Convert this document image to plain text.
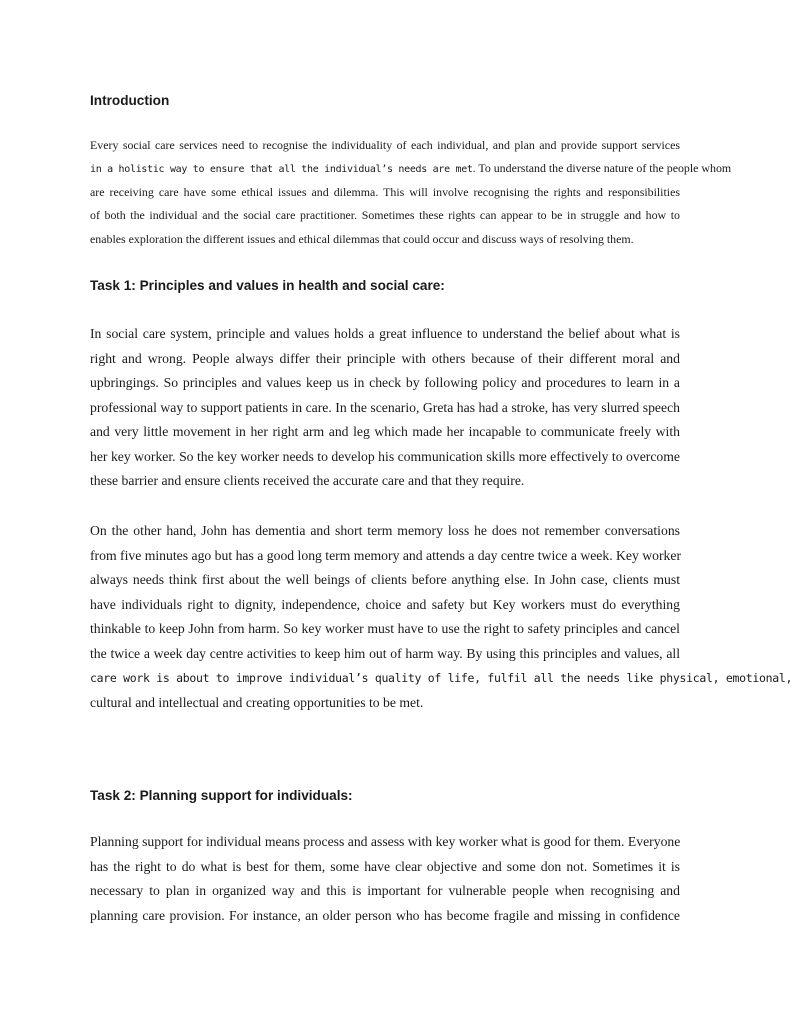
Introduction
Every social care services need to recognise the individuality of each individual, and plan and provide support services
in a holistic way to ensure that all the individual’s needs are met. To understand the diverse nature of the people whom
are receiving care have some ethical issues and dilemma. This will involve recognising the rights and responsibilities
of both the individual and the social care practitioner. Sometimes these rights can appear to be in struggle and how to
enables exploration the different issues and ethical dilemmas that could occur and discuss ways of resolving them.
Task 1: Principles and values in health and social care:
In social care system, principle and values holds a great influence to understand the belief about what is
right and wrong. People always differ their principle with others because of their different moral and
upbringings. So principles and values keep us in check by following policy and procedures to learn in a
professional way to support patients in care. In the scenario, Greta has had a stroke, has very slurred speech
and very little movement in her right arm and leg which made her incapable to communicate freely with
her key worker. So the key worker needs to develop his communication skills more effectively to overcome
these barrier and ensure clients received the accurate care and that they require.
On the other hand, John has dementia and short term memory loss he does not remember conversations
from five minutes ago but has a good long term memory and attends a day centre twice a week. Key worker
always needs think first about the well beings of clients before anything else. In John case, clients must
have individuals right to dignity, independence, choice and safety but Key workers must do everything
thinkable to keep John from harm. So key worker must have to use the right to safety principles and cancel
the twice a week day centre activities to keep him out of harm way. By using this principles and values, all
care work is about to improve individual’s quality of life, fulfil all the needs like physical, emotional,
cultural and intellectual and creating opportunities to be met.
Task 2: Planning support for individuals:
Planning support for individual means process and assess with key worker what is good for them. Everyone
has the right to do what is best for them, some have clear objective and some don not. Sometimes it is
necessary to plan in organized way and this is important for vulnerable people when recognising and
planning care provision. For instance, an older person who has become fragile and missing in confidence
